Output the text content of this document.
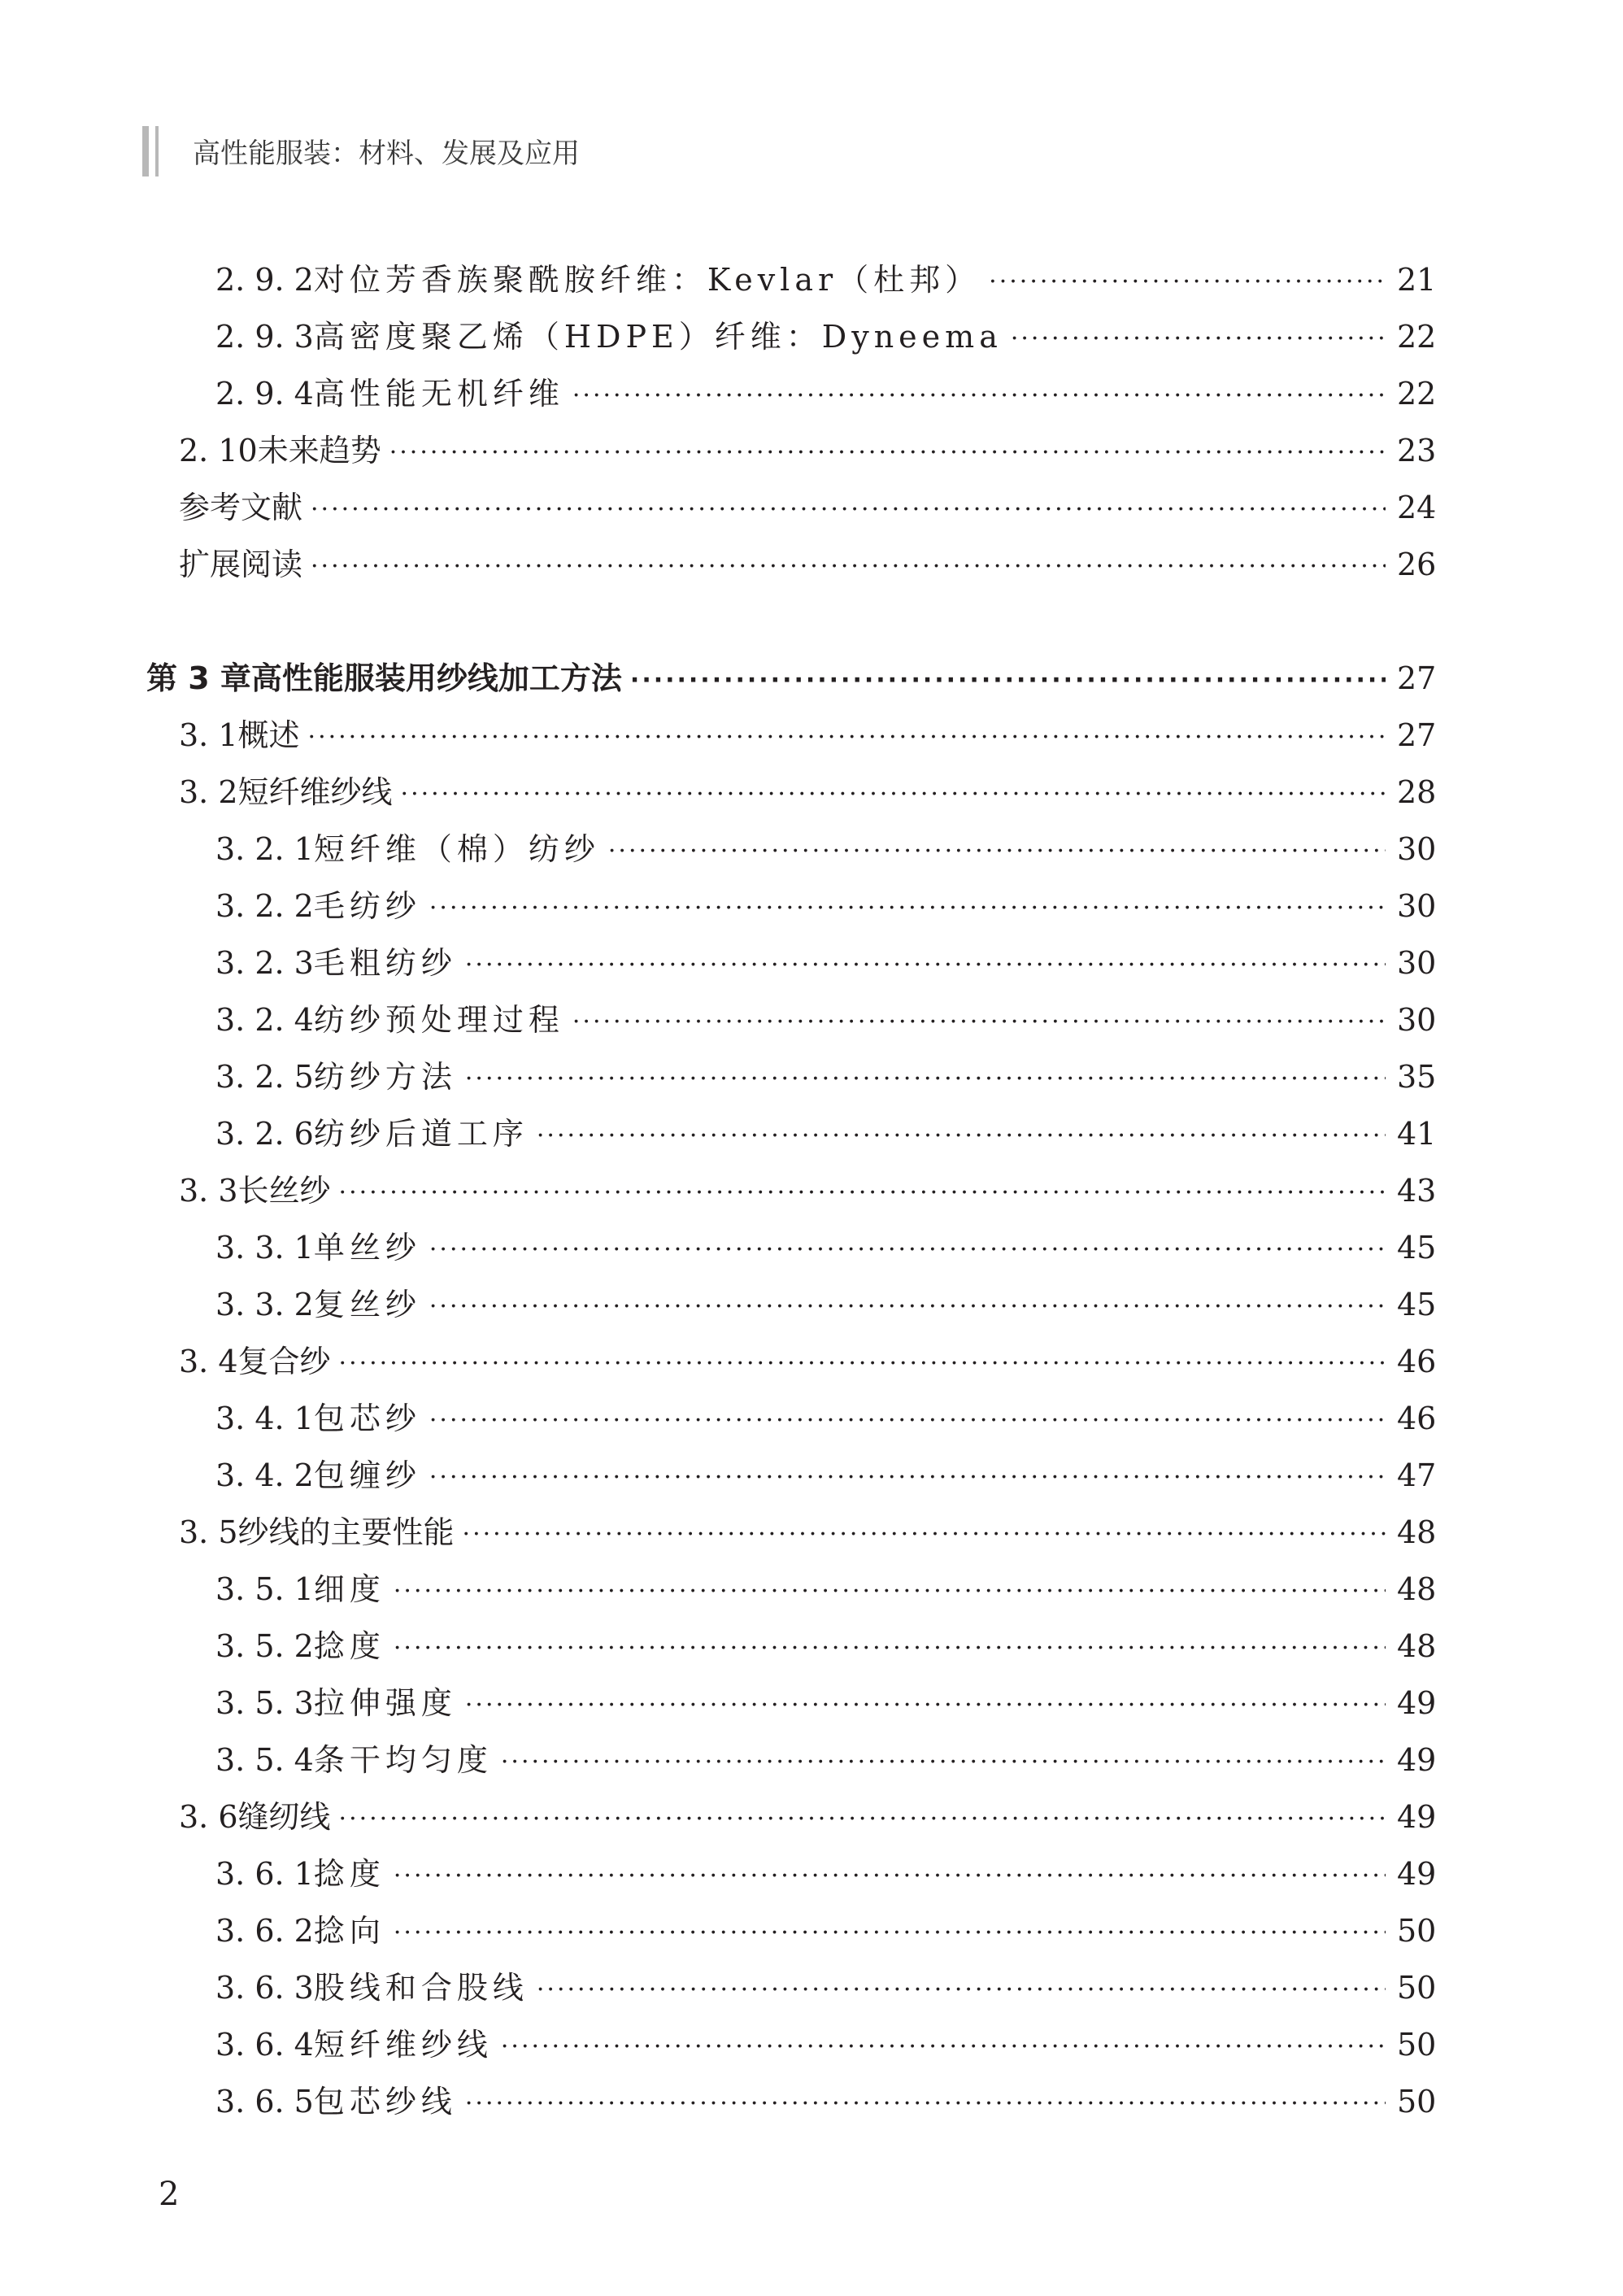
高性能服装：材料、发展及应用
2. 9. 2 对位芳香族聚酰胺纤维：Kevlar（杜邦） ·····	21
2. 9. 3 高密度聚乙烯（HDPE）纤维：Dyneema ·····	22
2. 9. 4 高性能无机纤维 ·····	22
2. 10 未来趋势 ·····	23
参考文献 ·····	24
扩展阅读 ·····	26
第 3 章 高性能服装用纱线加工方法 ·····	27
3. 1 概述 ·····	27
3. 2 短纤维纱线 ·····	28
3. 2. 1 短纤维（棉）纺纱 ·····	30
3. 2. 2 毛纺纱 ·····	30
3. 2. 3 毛粗纺纱 ·····	30
3. 2. 4 纺纱预处理过程 ·····	30
3. 2. 5 纺纱方法 ·····	35
3. 2. 6 纺纱后道工序 ·····	41
3. 3 长丝纱 ·····	43
3. 3. 1 单丝纱 ·····	45
3. 3. 2 复丝纱 ·····	45
3. 4 复合纱 ·····	46
3. 4. 1 包芯纱 ·····	46
3. 4. 2 包缠纱 ·····	47
3. 5 纱线的主要性能 ·····	48
3. 5. 1 细度 ·····	48
3. 5. 2 捻度 ·····	48
3. 5. 3 拉伸强度 ·····	49
3. 5. 4 条干均匀度 ·····	49
3. 6 缝纫线 ·····	49
3. 6. 1 捻度 ·····	49
3. 6. 2 捻向 ·····	50
3. 6. 3 股线和合股线 ·····	50
3. 6. 4 短纤维纱线 ·····	50
3. 6. 5 包芯纱线 ·····	50
2
